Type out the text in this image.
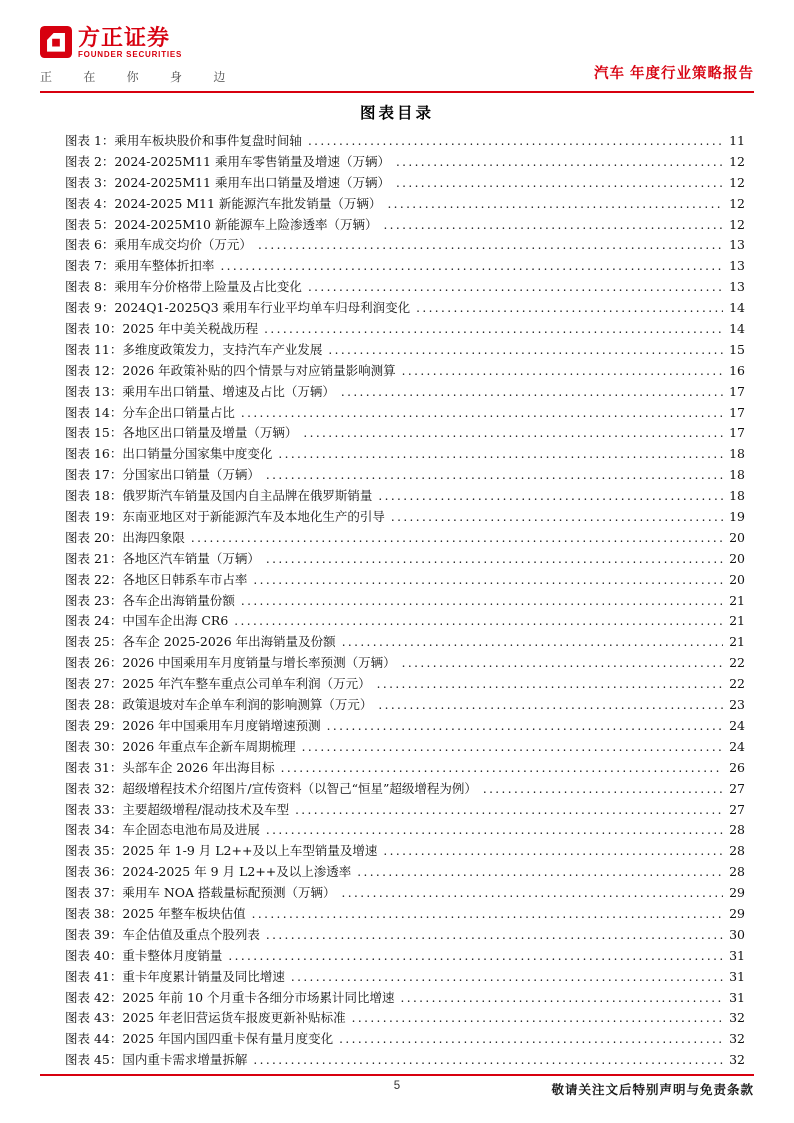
方正证券
FOUNDER SECURITIES
正 在 你 身 边	汽车 年度行业策略报告
图表目录
图表 1：乘用车板块股价和事件复盘时间轴 .....	11
图表 2：2024-2025M11 乘用车零售销量及增速（万辆） .....	12
图表 3：2024-2025M11 乘用车出口销量及增速（万辆） .....	12
图表 4：2024-2025 M11 新能源汽车批发销量（万辆） .....	12
图表 5：2024-2025M10 新能源车上险渗透率（万辆） .....	12
图表 6：乘用车成交均价（万元） .....	13
图表 7：乘用车整体折扣率 .....	13
图表 8：乘用车分价格带上险量及占比变化 .....	13
图表 9：2024Q1-2025Q3 乘用车行业平均单车归母利润变化 .....	14
图表 10：2025 年中美关税战历程 .....	14
图表 11：多维度政策发力，支持汽车产业发展 .....	15
图表 12：2026 年政策补贴的四个情景与对应销量影响测算 .....	16
图表 13：乘用车出口销量、增速及占比（万辆） .....	17
图表 14：分车企出口销量占比 .....	17
图表 15：各地区出口销量及增量（万辆） .....	17
图表 16：出口销量分国家集中度变化 .....	18
图表 17：分国家出口销量（万辆） .....	18
图表 18：俄罗斯汽车销量及国内自主品牌在俄罗斯销量 .....	18
图表 19：东南亚地区对于新能源汽车及本地化生产的引导 .....	19
图表 20：出海四象限 .....	20
图表 21：各地区汽车销量（万辆） .....	20
图表 22：各地区日韩系车市占率 .....	20
图表 23：各车企出海销量份额 .....	21
图表 24：中国车企出海 CR6 .....	21
图表 25：各车企 2025-2026 年出海销量及份额 .....	21
图表 26：2026 中国乘用车月度销量与增长率预测（万辆） .....	22
图表 27：2025 年汽车整车重点公司单车利润（万元） .....	22
图表 28：政策退坡对车企单车利润的影响测算（万元） .....	23
图表 29：2026 年中国乘用车月度销增速预测 .....	24
图表 30：2026 年重点车企新车周期梳理 .....	24
图表 31：头部车企 2026 年出海目标 .....	26
图表 32：超级增程技术介绍图片/宣传资料（以智己“恒星”超级增程为例） .....	27
图表 33：主要超级增程/混动技术及车型 .....	27
图表 34：车企固态电池布局及进展 .....	28
图表 35：2025 年 1-9 月 L2++及以上车型销量及增速 .....	28
图表 36：2024-2025 年 9 月 L2++及以上渗透率 .....	28
图表 37：乘用车 NOA 搭载量标配预测（万辆） .....	29
图表 38：2025 年整车板块估值 .....	29
图表 39：车企估值及重点个股列表 .....	30
图表 40：重卡整体月度销量 .....	31
图表 41：重卡年度累计销量及同比增速 .....	31
图表 42：2025 年前 10 个月重卡各细分市场累计同比增速 .....	31
图表 43：2025 年老旧营运货车报废更新补贴标准 .....	32
图表 44：2025 年国内国四重卡保有量月度变化 .....	32
图表 45：国内重卡需求增量拆解 .....	32
5	敬请关注文后特别声明与免责条款
